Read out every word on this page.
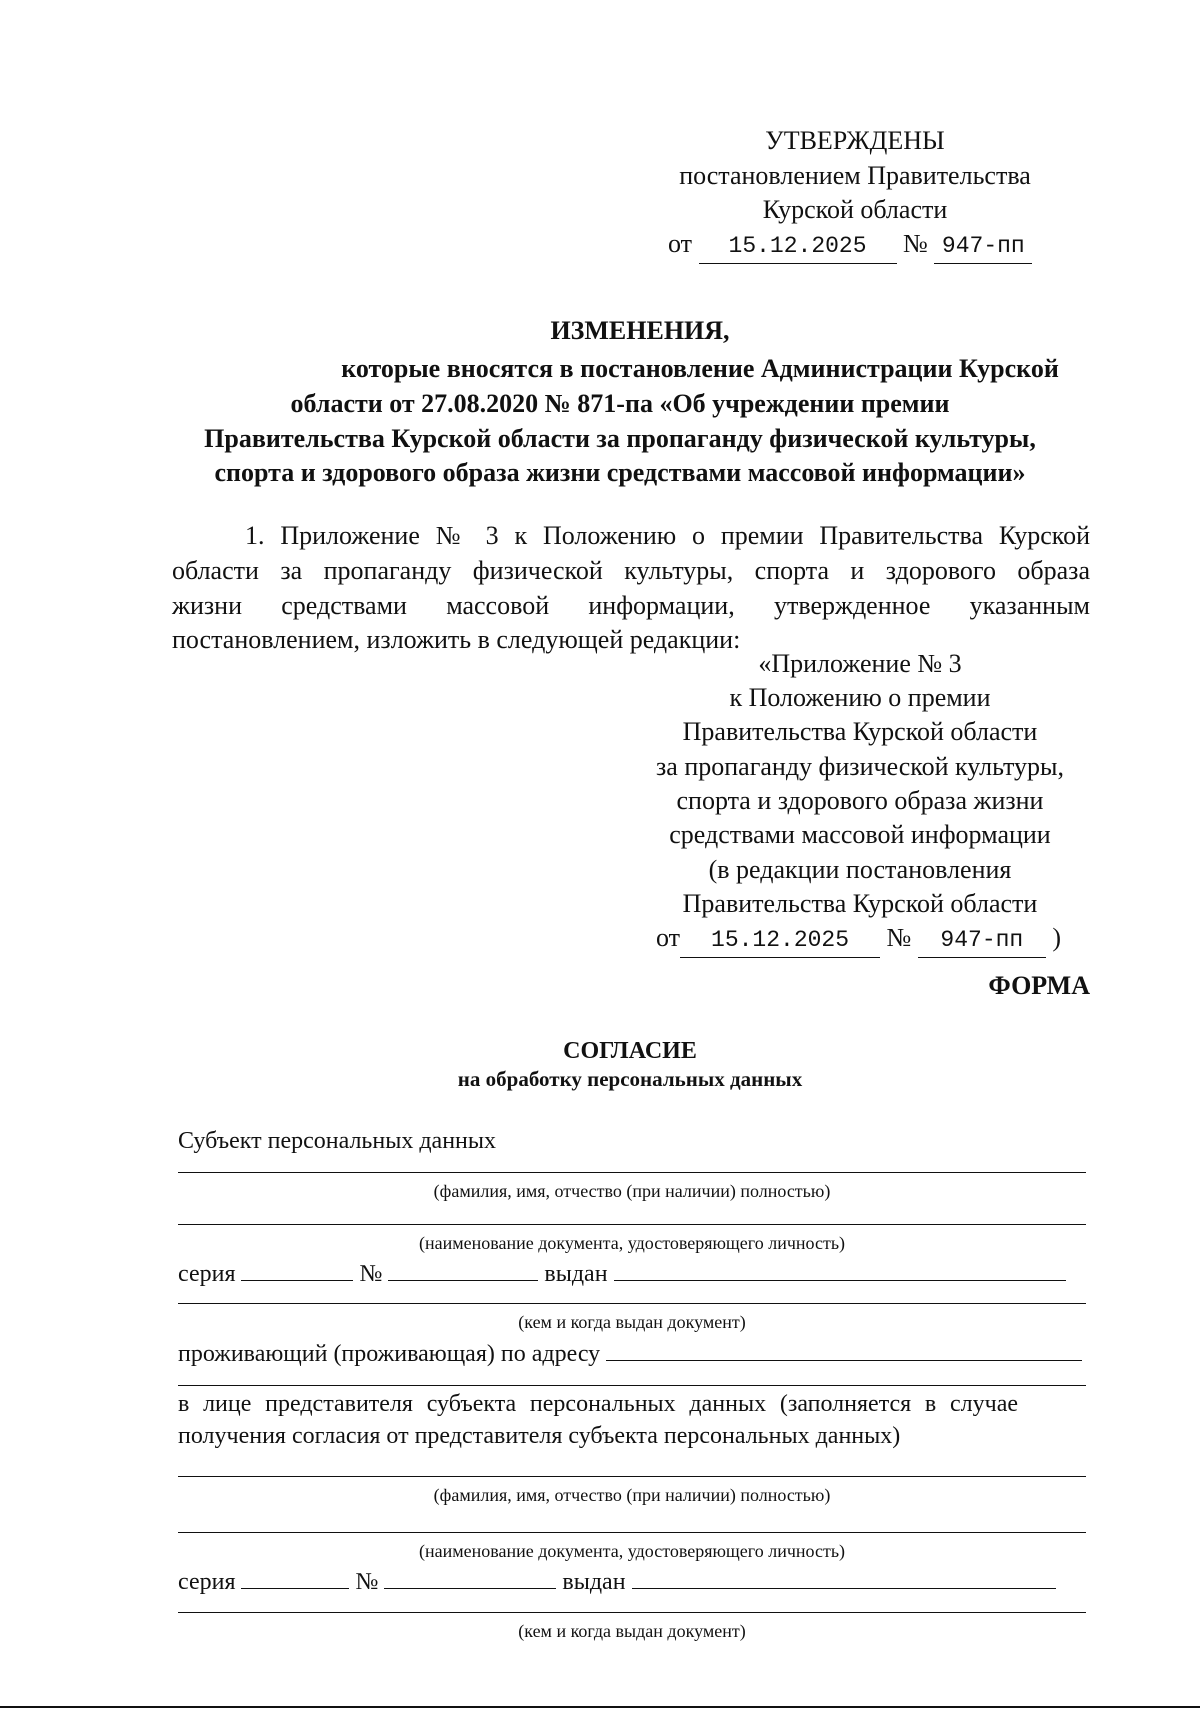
УТВЕРЖДЕНЫ
постановлением Правительства
Курской области
от 15.12.2025 № 947-пп
ИЗМЕНЕНИЯ,
которые вносятся в постановление Администрации Курской
области от 27.08.2020 № 871-па «Об учреждении премии
Правительства Курской области за пропаганду физической культуры,
спорта и здорового образа жизни средствами массовой информации»
1. Приложение № 3 к Положению о премии Правительства Курской
области за пропаганду физической культуры, спорта и здорового образа
жизни средствами массовой информации, утвержденное указанным
постановлением, изложить в следующей редакции:
«Приложение № 3
к Положению о премии
Правительства Курской области
за пропаганду физической культуры,
спорта и здорового образа жизни
средствами массовой информации
(в редакции постановления
Правительства Курской области
от 15.12.2025 № 947-пп )
ФОРМА
СОГЛАСИЕ
на обработку персональных данных
Субъект персональных данных
(фамилия, имя, отчество (при наличии) полностью)
(наименование документа, удостоверяющего личность)
серия	№	выдан
(кем и когда выдан документ)
проживающий (проживающая) по адресу
в лице представителя субъекта персональных данных (заполняется в случае
получения согласия от представителя субъекта персональных данных)
(фамилия, имя, отчество (при наличии) полностью)
(наименование документа, удостоверяющего личность)
серия	№	выдан
(кем и когда выдан документ)
